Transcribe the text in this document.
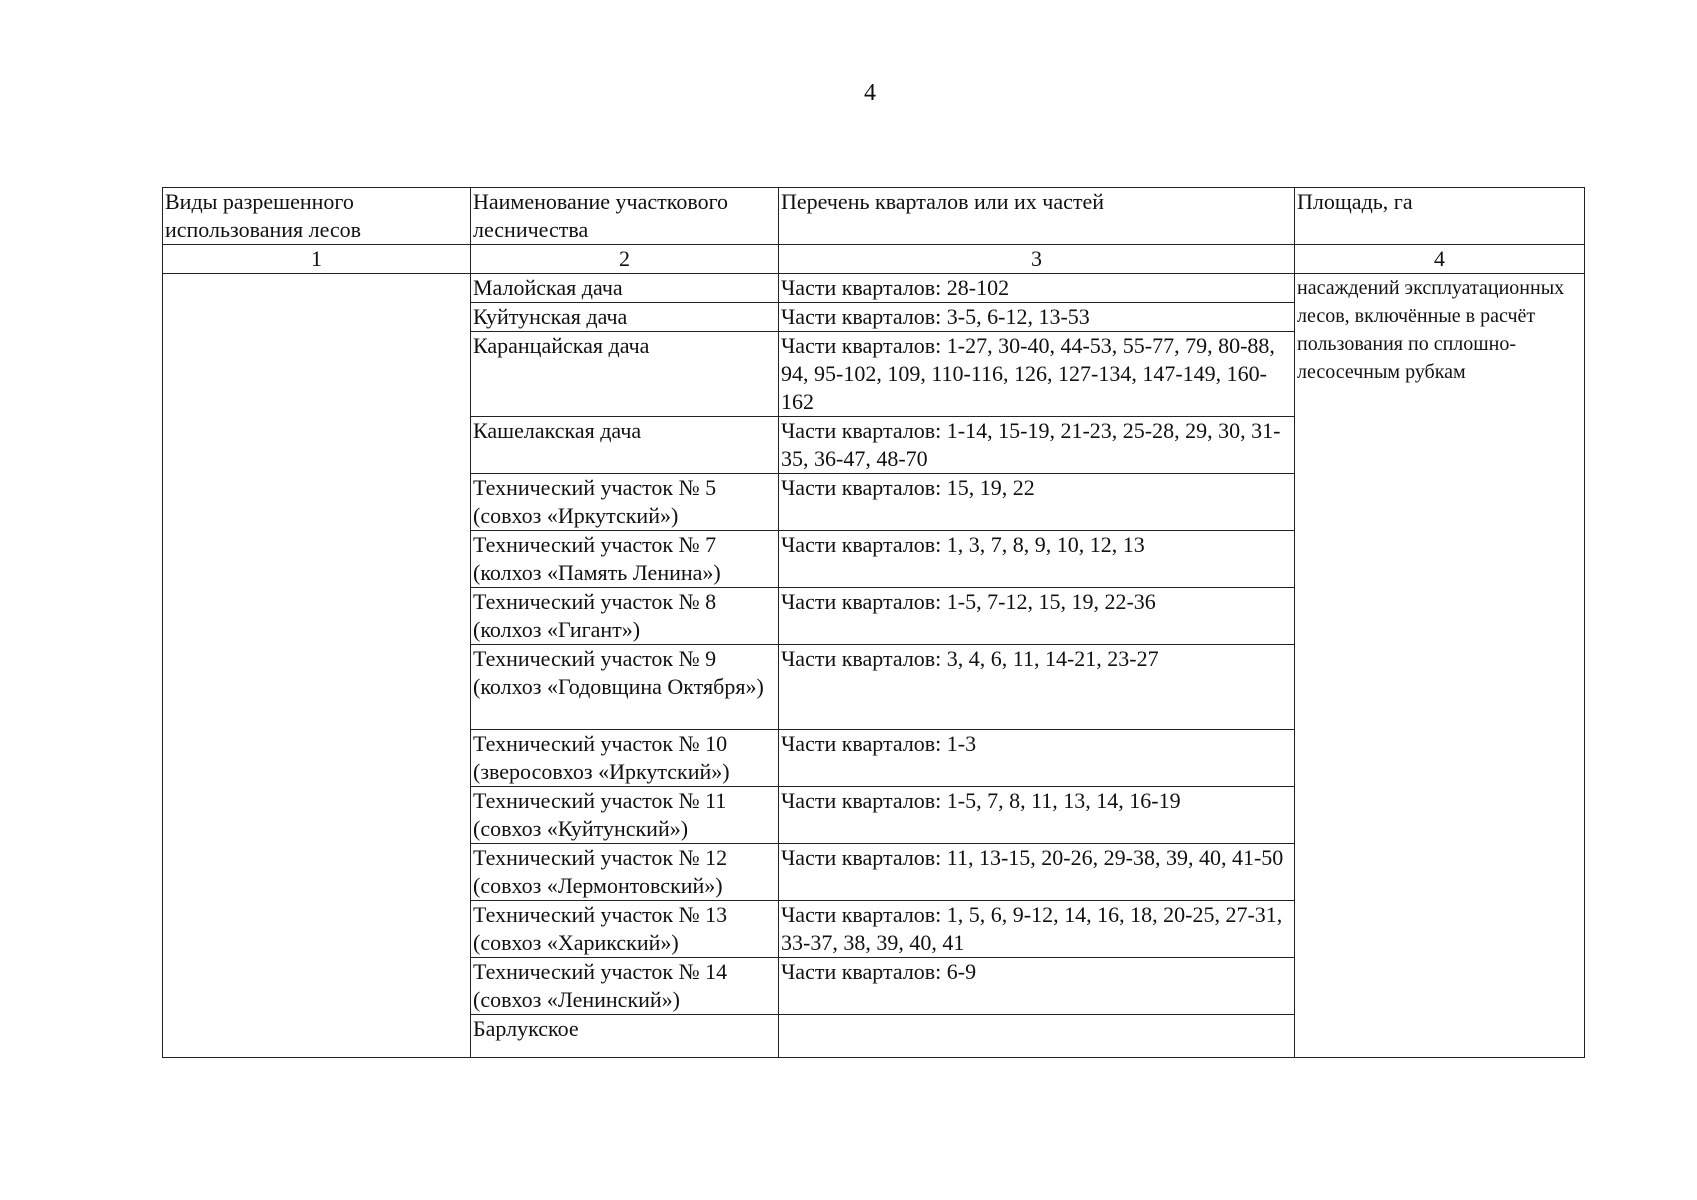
4
Виды разрешенного использования лесов	Наименование участкового лесничества	Перечень кварталов или их частей	Площадь, га
1	2	3	4
	Малойская дача	Части кварталов: 28-102	насаждений эксплуатационных лесов, включённые в расчёт пользования по сплошно-лесосечным рубкам
	Куйтунская дача	Части кварталов: 3-5, 6-12, 13-53	
	Каранцайская дача	Части кварталов: 1-27, 30-40, 44-53, 55-77, 79, 80-88, 94, 95-102, 109, 110-116, 126, 127-134, 147-149, 160-162	
	Кашелакская дача	Части кварталов: 1-14, 15-19, 21-23, 25-28, 29, 30, 31-35, 36-47, 48-70	
	Технический участок № 5 (совхоз «Иркутский»)	Части кварталов: 15, 19, 22	
	Технический участок № 7 (колхоз «Память Ленина»)	Части кварталов: 1, 3, 7, 8, 9, 10, 12, 13	
	Технический участок № 8 (колхоз «Гигант»)	Части кварталов: 1-5, 7-12, 15, 19, 22-36	
	Технический участок № 9 (колхоз «Годовщина Октября»)	Части кварталов: 3, 4, 6, 11, 14-21, 23-27	
	Технический участок № 10 (зверосовхоз «Иркутский»)	Части кварталов: 1-3	
	Технический участок № 11 (совхоз «Куйтунский»)	Части кварталов: 1-5, 7, 8, 11, 13, 14, 16-19	
	Технический участок № 12 (совхоз «Лермонтовский»)	Части кварталов: 11, 13-15, 20-26, 29-38, 39, 40, 41-50	
	Технический участок № 13 (совхоз «Харикский»)	Части кварталов: 1, 5, 6, 9-12, 14, 16, 18, 20-25, 27-31, 33-37, 38, 39, 40, 41	
	Технический участок № 14 (совхоз «Ленинский»)	Части кварталов: 6-9	
	Барлукское		
